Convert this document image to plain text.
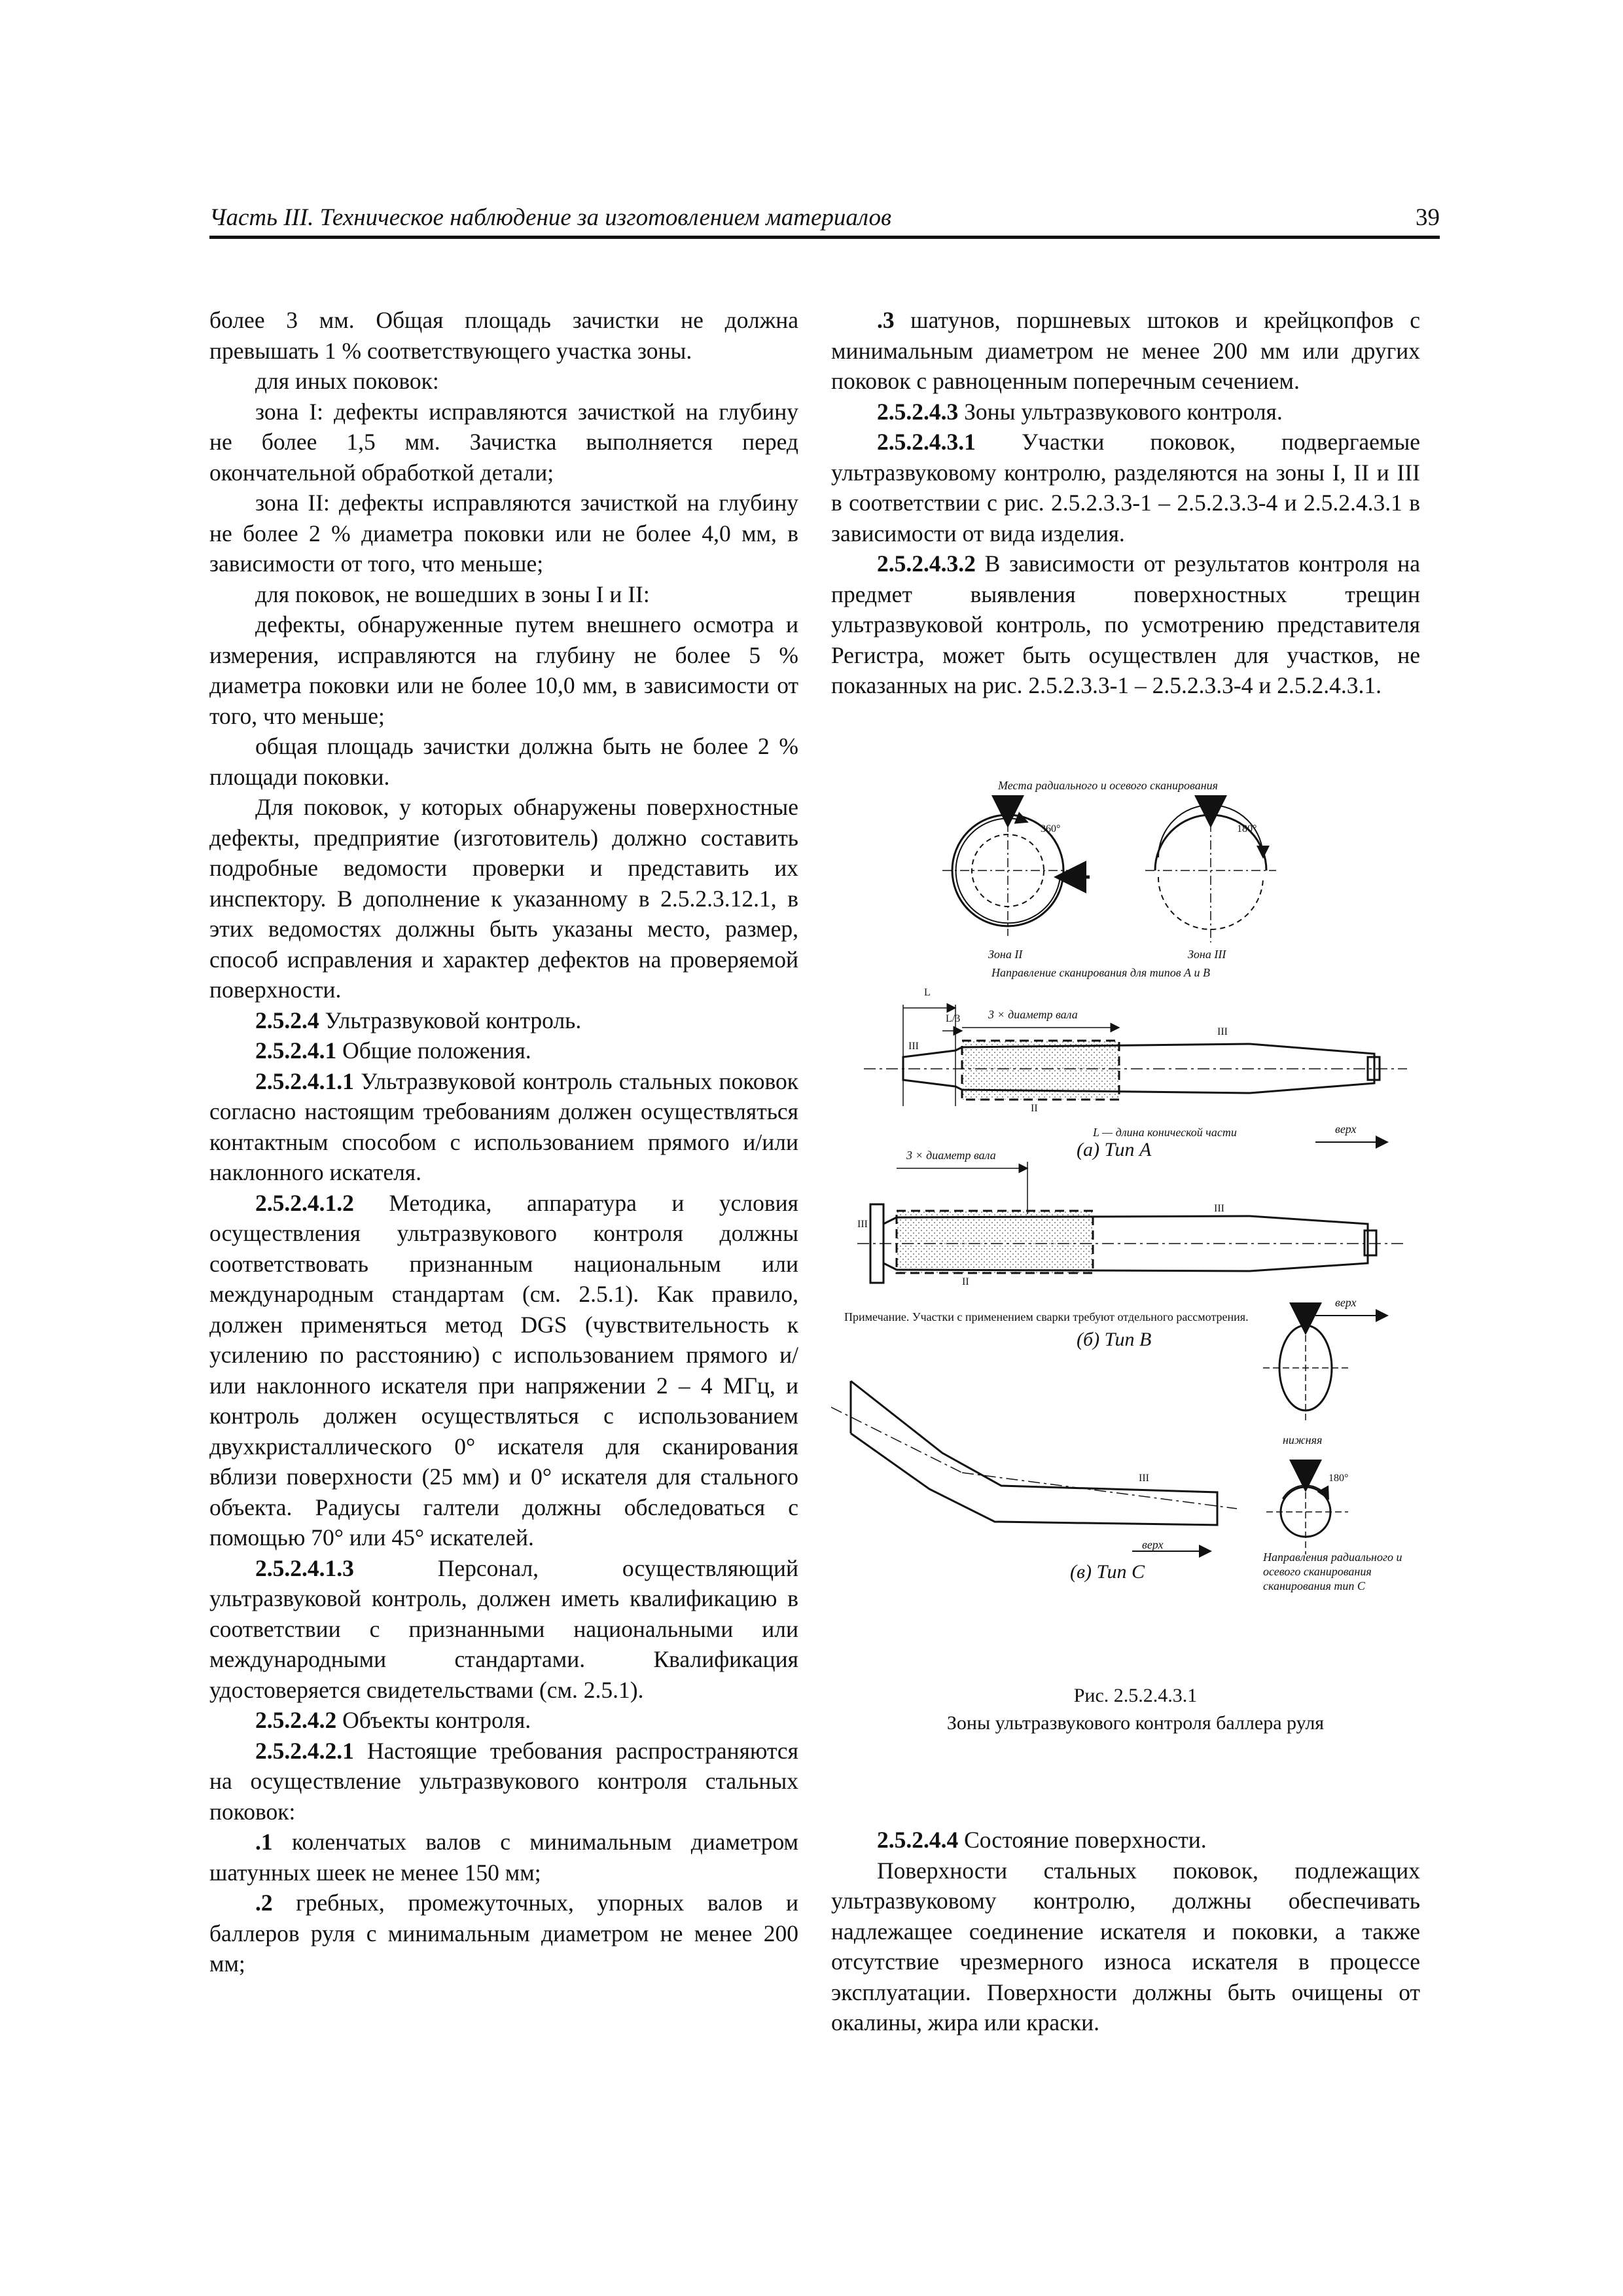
Часть III. Техническое наблюдение за изготовлением материалов	39

более 3 мм. Общая площадь зачистки не должна превышать 1 % соответствующего участка зоны.

для иных поковок:

зона I: дефекты исправляются зачисткой на глубину не более 1,5 мм. Зачистка выполняется перед окончательной обработкой детали;

зона II: дефекты исправляются зачисткой на глубину не более 2 % диаметра поковки или не более 4,0 мм, в зависимости от того, что меньше;

для поковок, не вошедших в зоны I и II:

дефекты, обнаруженные путем внешнего осмотра и измерения, исправляются на глубину не более 5 % диаметра поковки или не более 10,0 мм, в зависимости от того, что меньше;

общая площадь зачистки должна быть не более 2 % площади поковки.

Для поковок, у которых обнаружены поверхностные дефекты, предприятие (изготовитель) должно составить подробные ведомости проверки и представить их инспектору. В дополнение к указанному в 2.5.2.3.12.1, в этих ведомостях должны быть указаны место, размер, способ исправления и характер дефектов на проверяемой поверхности.

2.5.2.4 Ультразвуковой контроль.

2.5.2.4.1 Общие положения.

2.5.2.4.1.1 Ультразвуковой контроль стальных поковок согласно настоящим требованиям должен осуществляться контактным способом с использованием прямого и/или наклонного искателя.

2.5.2.4.1.2 Методика, аппаратура и условия осуществления ультразвукового контроля должны соответствовать признанным национальным или международным стандартам (см. 2.5.1). Как правило, должен применяться метод DGS (чувствительность к усилению по расстоянию) с использованием прямого и/или наклонного искателя при напряжении 2 – 4 МГц, и контроль должен осуществляться с использованием двухкристаллического 0° искателя для сканирования вблизи поверхности (25 мм) и 0° искателя для стального объекта. Радиусы галтели должны обследоваться с помощью 70° или 45° искателей.

2.5.2.4.1.3 Персонал, осуществляющий ультразвуковой контроль, должен иметь квалификацию в соответствии с признанными национальными или международными стандартами. Квалификация удостоверяется свидетельствами (см. 2.5.1).

2.5.2.4.2 Объекты контроля.

2.5.2.4.2.1 Настоящие требования распространяются на осуществление ультразвукового контроля стальных поковок:

.1 коленчатых валов с минимальным диаметром шатунных шеек не менее 150 мм;

.2 гребных, промежуточных, упорных валов и баллеров руля с минимальным диаметром не менее 200 мм;

.3 шатунов, поршневых штоков и крейцкопфов с минимальным диаметром не менее 200 мм или других поковок с равноценным поперечным сечением.

2.5.2.4.3 Зоны ультразвукового контроля.

2.5.2.4.3.1 Участки поковок, подвергаемые ультразвуковому контролю, разделяются на зоны I, II и III в соответствии с рис. 2.5.2.3.3-1 – 2.5.2.3.3-4 и 2.5.2.4.3.1 в зависимости от вида изделия.

2.5.2.4.3.2 В зависимости от результатов контроля на предмет выявления поверхностных трещин ультразвуковой контроль, по усмотрению представителя Регистра, может быть осуществлен для участков, не показанных на рис. 2.5.2.3.3-1 – 2.5.2.3.3-4 и 2.5.2.4.3.1.

Места радиального и осевого сканирования
360°	180°
Зона II	Зона III
Направление сканирования для типов А и В
L
L/3 3 × диаметр вала
III
III
II
L — длина конической части	верх
(а) Тип А
3 × диаметр вала
III
III
II
верх
Примечание. Участки с применением сварки требуют отдельного рассмотрения.
(б) Тип В
III
нижняя
180°
верх
(в) Тип С
Направления радиального и осевого сканирования сканирования тип С
Рис. 2.5.2.4.3.1
Зоны ультразвукового контроля баллера руля

2.5.2.4.4 Состояние поверхности.

Поверхности стальных поковок, подлежащих ультразвуковому контролю, должны обеспечивать надлежащее соединение искателя и поковки, а также отсутствие чрезмерного износа искателя в процессе эксплуатации. Поверхности должны быть очищены от окалины, жира или краски.
